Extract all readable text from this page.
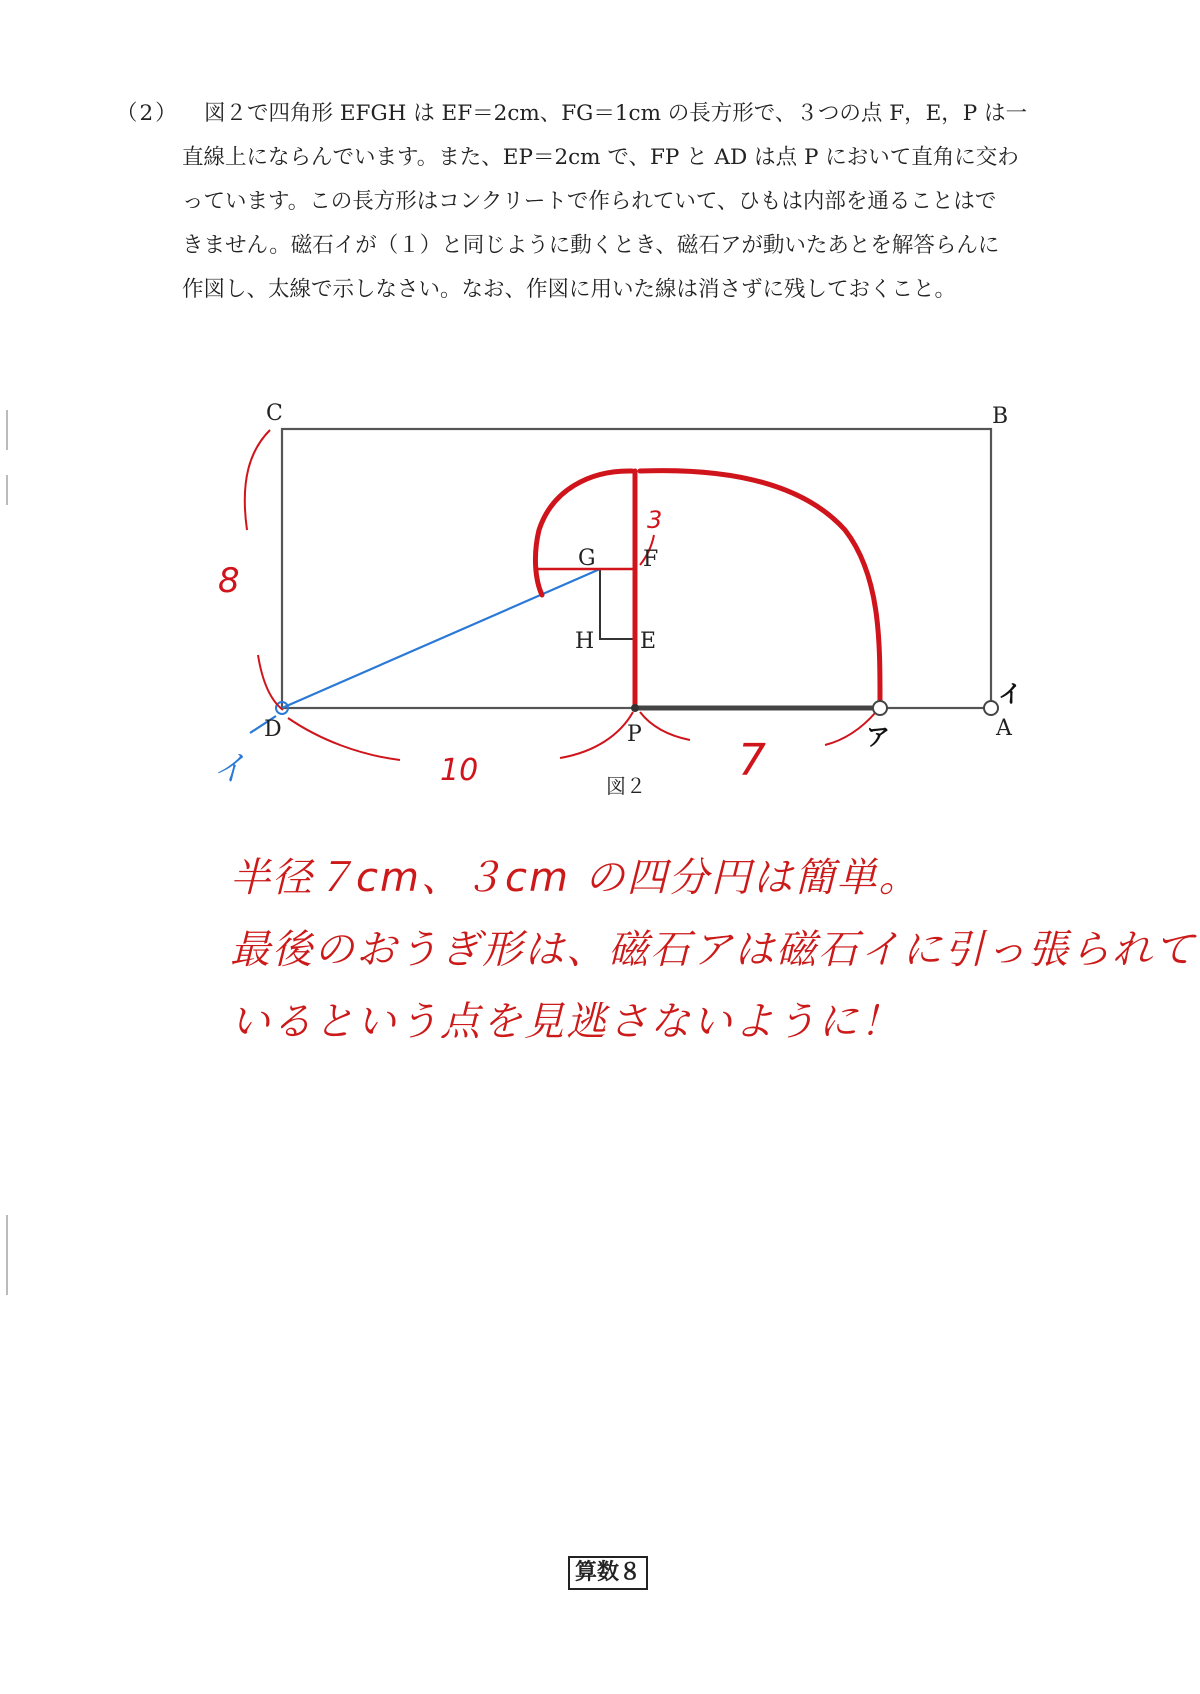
（2） 図２で四角形 EFGH は EF＝2cm、FG＝1cm の長方形で、３つの点 F，E，P は一
直線上にならんでいます。また、EP＝2cm で、FP と AD は点 P において直角に交わ
っています。この長方形はコンクリートで作られていて、ひもは内部を通ることはで
きません。磁石イが（１）と同じように動くとき、磁石アが動いたあとを解答らんに
作図し、太線で示しなさい。なお、作図に用いた線は消さずに残しておくこと。
イ
C	B
D	A
G F
H E
P	ア
イ
8
10	7
3
図２
半径７cm、３cm の四分円は簡単。
最後のおうぎ形は、磁石アは磁石イに引っ張られて
いるという点を見逃さないように！
算数８
